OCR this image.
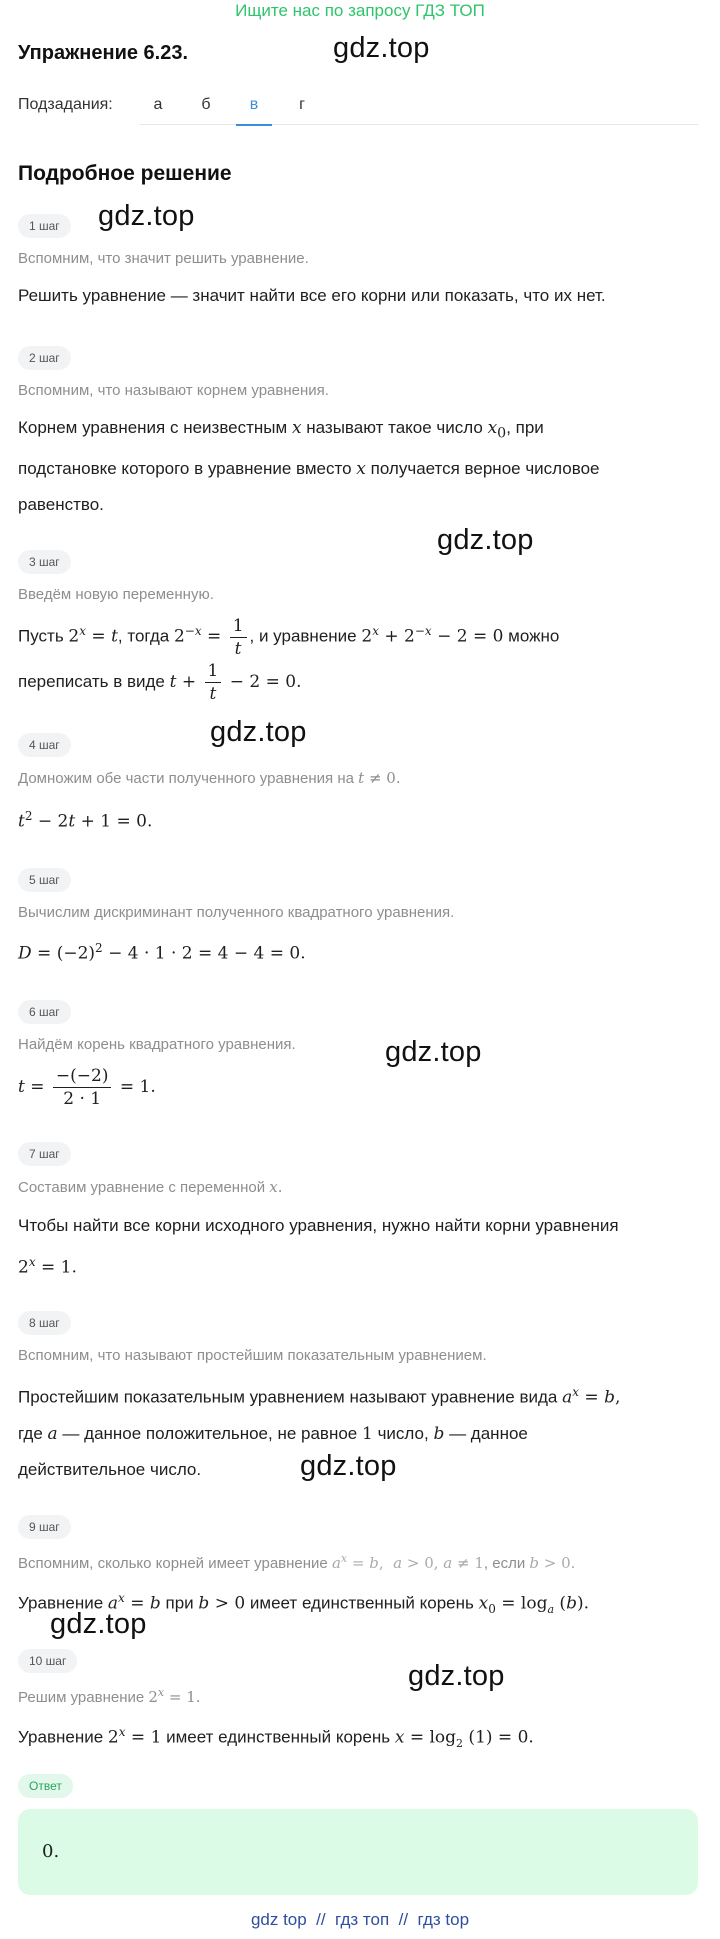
Ищите нас по запросу ГДЗ ТОП
Упражнение 6.23.	gdz.top
Подзадания:	а	б	в	г
Подробное решение
1 шаг	gdz.top
Вспомним, что значит решить уравнение.
Решить уравнение — значит найти все его корни или показать, что их нет.
2 шаг
Вспомним, что называют корнем уравнения.
Корнем уравнения с неизвестным x называют такое число $x_0$, при
подстановке которого в уравнение вместо x получается верное числовое
равенство.
gdz.top
3 шаг
Введём новую переменную.
Пусть $2^x = t$, тогда $2^{-x} = \frac{1}{t}$ , и уравнение $2^x + 2^{-x} - 2 = 0$ можно
переписать в виде $t + \frac{1}{t} - 2 = 0$.
gdz.top
4 шаг
Домножим обе части полученного уравнения на t ≠ 0.
$t^2 - 2t + 1 = 0$.
5 шаг
Вычислим дискриминант полученного квадратного уравнения.
$D = (-2)^2 - 4 \cdot 1 \cdot 2 = 4 - 4 = 0$.
6 шаг
Найдём корень квадратного уравнения.	gdz.top
$t = \frac{-(-2)}{2 \cdot 1} = 1$.
7 шаг
Составим уравнение с переменной x.
Чтобы найти все корни исходного уравнения, нужно найти корни уравнения
$2^x = 1$.
8 шаг
Вспомним, что называют простейшим показательным уравнением.
Простейшим показательным уравнением называют уравнение вида $a^x = b$,
где a — данное положительное, не равное 1 число, b — данное
действительное число.	gdz.top
9 шаг
Вспомним, сколько корней имеет уравнение $a^x = b$,  a > 0, a ≠ 1, если b > 0.
Уравнение $a^x = b$ при b > 0 имеет единственный корень $x_0 = \log_a (b)$.
gdz.top
10 шаг	gdz.top
Решим уравнение $2^x = 1$.
Уравнение $2^x = 1$ имеет единственный корень $x = \log_2 (1) = 0$.
Ответ
0.
gdz top  //  гдз топ  //  гдз top
